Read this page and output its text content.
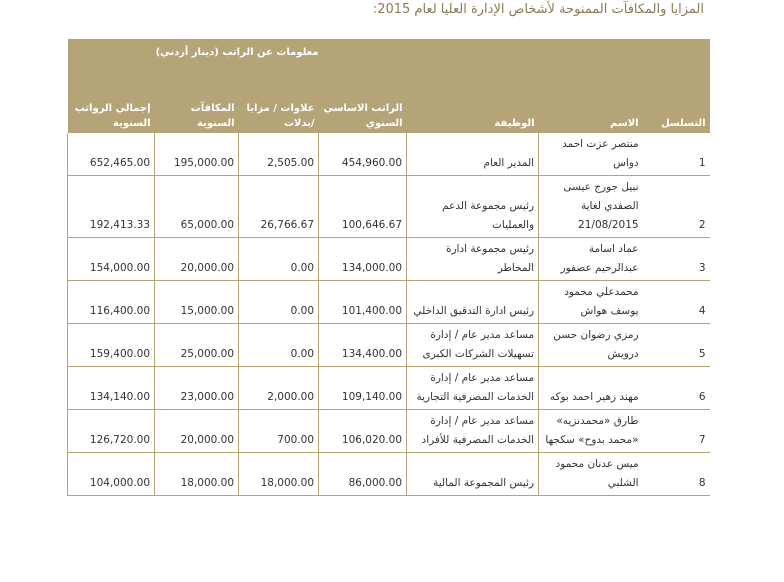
المزايا والمكافآت الممنوحة لأشخاص الإدارة العليا لعام 2015:
			معلومات عن الراتب (دينار أردني)			
التسلسل	الاسم	الوظيفة	الراتب الاساسي السنوي	علاوات / مزايا /بدلات	المكافآت السنوية	إجمالي الرواتب السنوية
1	منتصر عزت احمد دواس	المدير العام	454,960.00	2,505.00	195,000.00	652,465.00
2	نبيل جورج عيسى الصفدي لغاية 21/08/2015	رئيس مجموعة الدعم والعمليات	100,646.67	26,766.67	65,000.00	192,413.33
3	عماد اسامة عبدالرحيم عصفور	رئيس مجموعة ادارة المخاطر	134,000.00	0.00	20,000.00	154,000.00
4	محمدعلي محمود يوسف هواش	رئيس ادارة التدقيق الداخلي	101,400.00	0.00	15,000.00	116,400.00
5	رمزي رضوان حسن درويش	مساعد مدير عام / إدارة تسهيلات الشركات الكبرى	134,400.00	0.00	25,000.00	159,400.00
6	مهند زهير احمد بوكه	مساعد مدير عام / إدارة الخدمات المصرفية التجارية	109,140.00	2,000.00	23,000.00	134,140.00
7	طارق «محمدنزيه» «محمد بدوح» سكجها	مساعد مدير عام / إدارة الخدمات المصرفية للأفراد	106,020.00	700.00	20,000.00	126,720.00
8	ميس عدنان محمود الشلبي	رئيس المجموعة المالية	86,000.00	18,000.00	18,000.00	104,000.00
